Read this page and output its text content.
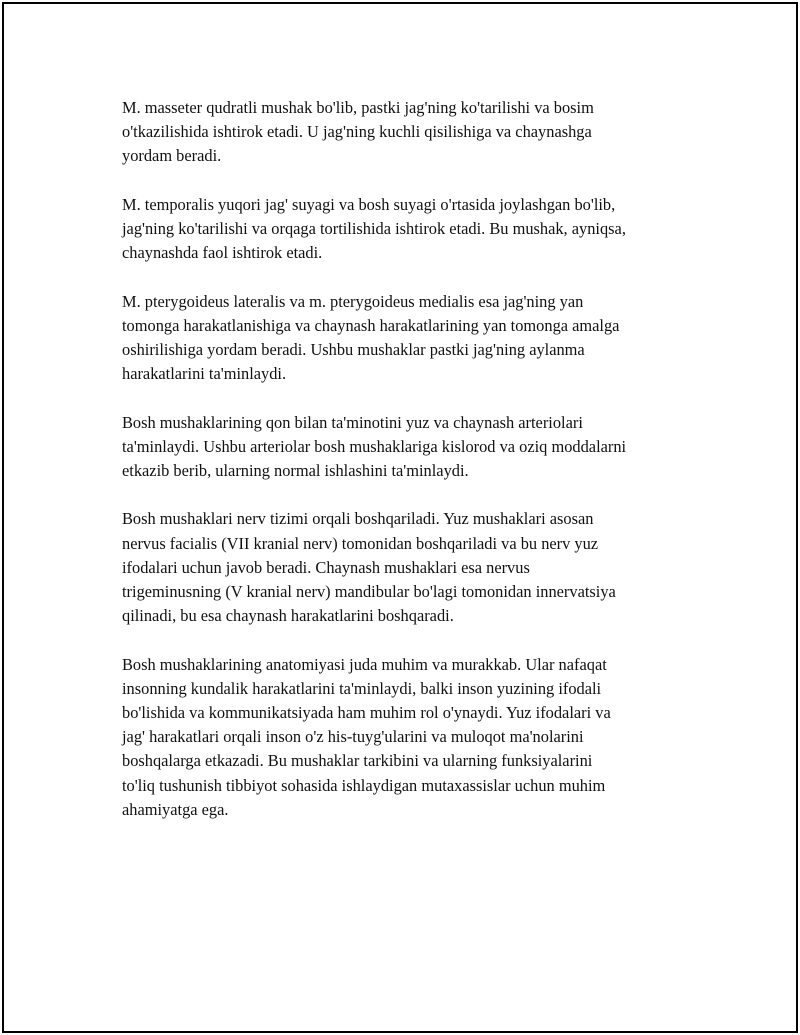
M. masseter qudratli mushak bo'lib, pastki jag'ning ko'tarilishi va bosim
o'tkazilishida ishtirok etadi. U jag'ning kuchli qisilishiga va chaynashga
yordam beradi.

M. temporalis yuqori jag' suyagi va bosh suyagi o'rtasida joylashgan bo'lib,
jag'ning ko'tarilishi va orqaga tortilishida ishtirok etadi. Bu mushak, ayniqsa,
chaynashda faol ishtirok etadi.

M. pterygoideus lateralis va m. pterygoideus medialis esa jag'ning yan
tomonga harakatlanishiga va chaynash harakatlarining yan tomonga amalga
oshirilishiga yordam beradi. Ushbu mushaklar pastki jag'ning aylanma
harakatlarini ta'minlaydi.

Bosh mushaklarining qon bilan ta'minotini yuz va chaynash arteriolari
ta'minlaydi. Ushbu arteriolar bosh mushaklariga kislorod va oziq moddalarni
etkazib berib, ularning normal ishlashini ta'minlaydi.

Bosh mushaklari nerv tizimi orqali boshqariladi. Yuz mushaklari asosan
nervus facialis (VII kranial nerv) tomonidan boshqariladi va bu nerv yuz
ifodalari uchun javob beradi. Chaynash mushaklari esa nervus
trigeminusning (V kranial nerv) mandibular bo'lagi tomonidan innervatsiya
qilinadi, bu esa chaynash harakatlarini boshqaradi.

Bosh mushaklarining anatomiyasi juda muhim va murakkab. Ular nafaqat
insonning kundalik harakatlarini ta'minlaydi, balki inson yuzining ifodali
bo'lishida va kommunikatsiyada ham muhim rol o'ynaydi. Yuz ifodalari va
jag' harakatlari orqali inson o'z his-tuyg'ularini va muloqot ma'nolarini
boshqalarga etkazadi. Bu mushaklar tarkibini va ularning funksiyalarini
to'liq tushunish tibbiyot sohasida ishlaydigan mutaxassislar uchun muhim
ahamiyatga ega.
